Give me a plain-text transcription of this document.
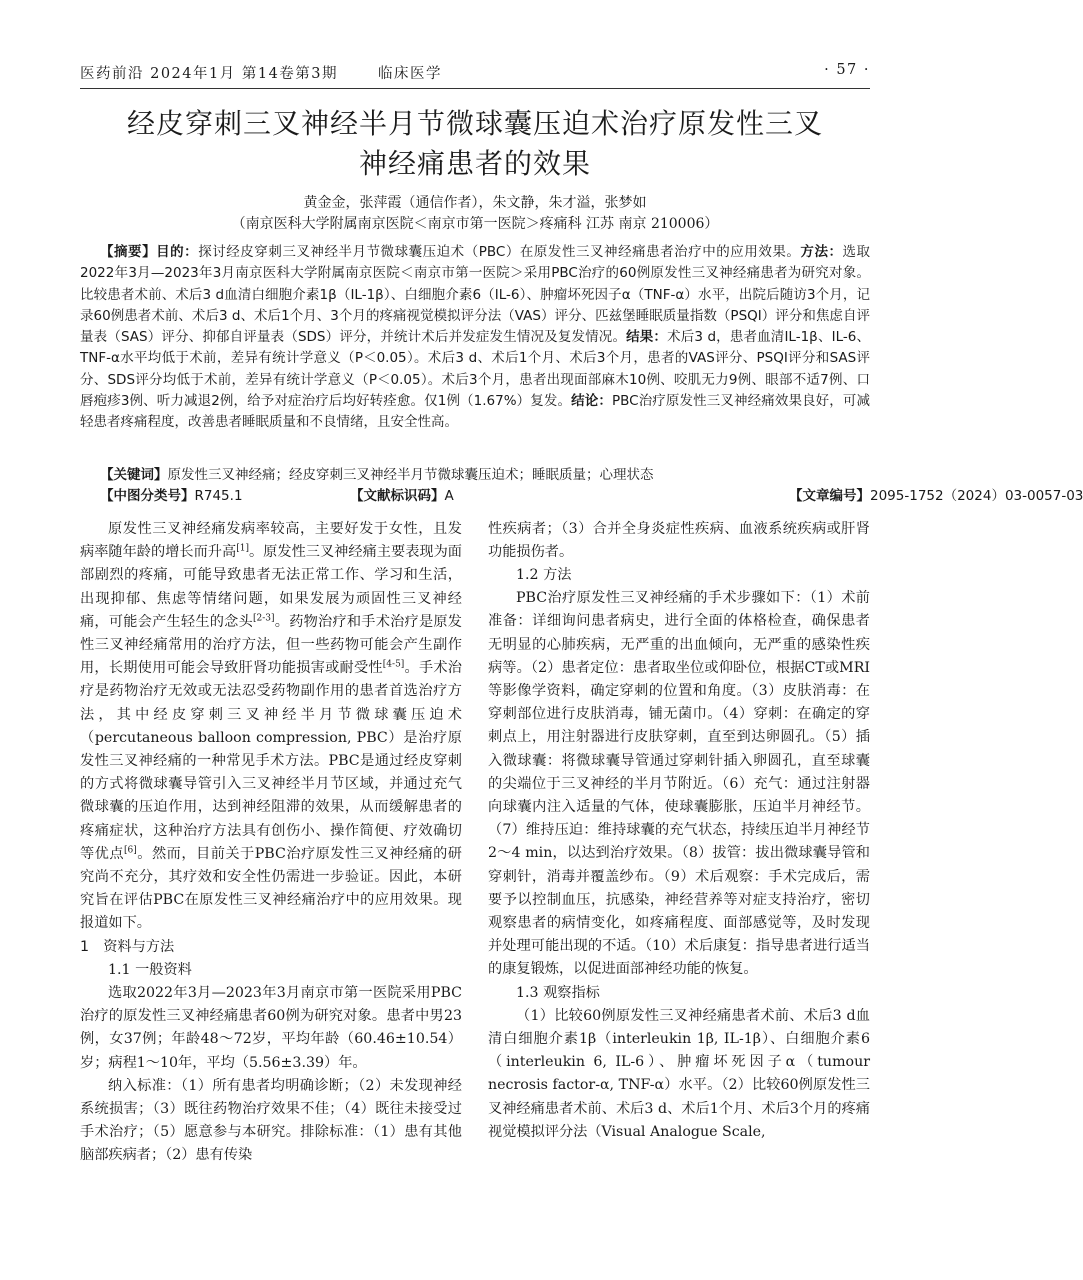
医药前沿 2024年1月 第14卷第3期	临床医学	· 57 ·
经皮穿刺三叉神经半月节微球囊压迫术治疗原发性三叉
神经痛患者的效果
黄金金，张萍霞（通信作者），朱文静，朱才溢，张梦如
（南京医科大学附属南京医院＜南京市第一医院＞疼痛科 江苏 南京 210006）

【摘要】目的：探讨经皮穿刺三叉神经半月节微球囊压迫术（PBC）在原发性三叉神经痛患者治疗中的应用效果。方法：选取2022年3月—2023年3月南京医科大学附属南京医院＜南京市第一医院＞采用PBC治疗的60例原发性三叉神经痛患者为研究对象。比较患者术前、术后3 d血清白细胞介素1β（IL-1β）、白细胞介素6（IL-6）、肿瘤坏死因子α（TNF-α）水平，出院后随访3个月，记录60例患者术前、术后3 d、术后1个月、3个月的疼痛视觉模拟评分法（VAS）评分、匹兹堡睡眠质量指数（PSQI）评分和焦虑自评量表（SAS）评分、抑郁自评量表（SDS）评分，并统计术后并发症发生情况及复发情况。结果：术后3 d，患者血清IL-1β、IL-6、TNF-α水平均低于术前，差异有统计学意义（P＜0.05）。术后3 d、术后1个月、术后3个月，患者的VAS评分、PSQI评分和SAS评分、SDS评分均低于术前，差异有统计学意义（P＜0.05）。术后3个月，患者出现面部麻木10例、咬肌无力9例、眼部不适7例、口唇疱疹3例、听力减退2例，给予对症治疗后均好转痊愈。仅1例（1.67%）复发。结论：PBC治疗原发性三叉神经痛效果良好，可减轻患者疼痛程度，改善患者睡眠质量和不良情绪，且安全性高。

【关键词】原发性三叉神经痛；经皮穿刺三叉神经半月节微球囊压迫术；睡眠质量；心理状态
【中图分类号】 R745.1	【文献标识码】 A	【文章编号】 2095-1752（2024）03-0057-03

原发性三叉神经痛发病率较高，主要好发于女性，且发病率随年龄的增长而升高[1]。原发性三叉神经痛主要表现为面部剧烈的疼痛，可能导致患者无法正常工作、学习和生活，出现抑郁、焦虑等情绪问题，如果发展为顽固性三叉神经痛，可能会产生轻生的念头[2-3]。药物治疗和手术治疗是原发性三叉神经痛常用的治疗方法，但一些药物可能会产生副作用，长期使用可能会导致肝肾功能损害或耐受性[4-5]。手术治疗是药物治疗无效或无法忍受药物副作用的患者首选治疗方法，其中经皮穿刺三叉神经半月节微球囊压迫术（percutaneous balloon compression, PBC）是治疗原发性三叉神经痛的一种常见手术方法。PBC是通过经皮穿刺的方式将微球囊导管引入三叉神经半月节区域，并通过充气微球囊的压迫作用，达到神经阻滞的效果，从而缓解患者的疼痛症状，这种治疗方法具有创伤小、操作简便、疗效确切等优点[6]。然而，目前关于PBC治疗原发性三叉神经痛的研究尚不充分，其疗效和安全性仍需进一步验证。因此，本研究旨在评估PBC在原发性三叉神经痛治疗中的应用效果。现报道如下。

1　资料与方法

1.1 一般资料

选取2022年3月—2023年3月南京市第一医院采用PBC治疗的原发性三叉神经痛患者60例为研究对象。患者中男23例，女37例；年龄48～72岁，平均年龄（60.46±10.54）岁；病程1～10年，平均（5.56±3.39）年。

纳入标准：（1）所有患者均明确诊断；（2）未发现神经系统损害；（3）既往药物治疗效果不佳；（4）既往未接受过手术治疗；（5）愿意参与本研究。排除标准：（1）患有其他脑部疾病者；（2）患有传染

性疾病者；（3）合并全身炎症性疾病、血液系统疾病或肝肾功能损伤者。

1.2 方法

PBC治疗原发性三叉神经痛的手术步骤如下：（1）术前准备：详细询问患者病史，进行全面的体格检查，确保患者无明显的心肺疾病，无严重的出血倾向，无严重的感染性疾病等。（2）患者定位：患者取坐位或仰卧位，根据CT或MRI等影像学资料，确定穿刺的位置和角度。（3）皮肤消毒：在穿刺部位进行皮肤消毒，铺无菌巾。（4）穿刺：在确定的穿刺点上，用注射器进行皮肤穿刺，直至到达卵圆孔。（5）插入微球囊：将微球囊导管通过穿刺针插入卵圆孔，直至球囊的尖端位于三叉神经的半月节附近。（6）充气：通过注射器向球囊内注入适量的气体，使球囊膨胀，压迫半月神经节。（7）维持压迫：维持球囊的充气状态，持续压迫半月神经节2～4 min，以达到治疗效果。（8）拔管：拔出微球囊导管和穿刺针，消毒并覆盖纱布。（9）术后观察：手术完成后，需要予以控制血压，抗感染，神经营养等对症支持治疗，密切观察患者的病情变化，如疼痛程度、面部感觉等，及时发现并处理可能出现的不适。（10）术后康复：指导患者进行适当的康复锻炼，以促进面部神经功能的恢复。

1.3 观察指标

（1）比较60例原发性三叉神经痛患者术前、术后3 d血清白细胞介素1β（interleukin 1β, IL-1β）、白细胞介素6（interleukin 6, IL-6）、肿瘤坏死因子α（tumour necrosis factor-α, TNF-α）水平。（2）比较60例原发性三叉神经痛患者术前、术后3 d、术后1个月、术后3个月的疼痛视觉模拟评分法（Visual Analogue Scale,
